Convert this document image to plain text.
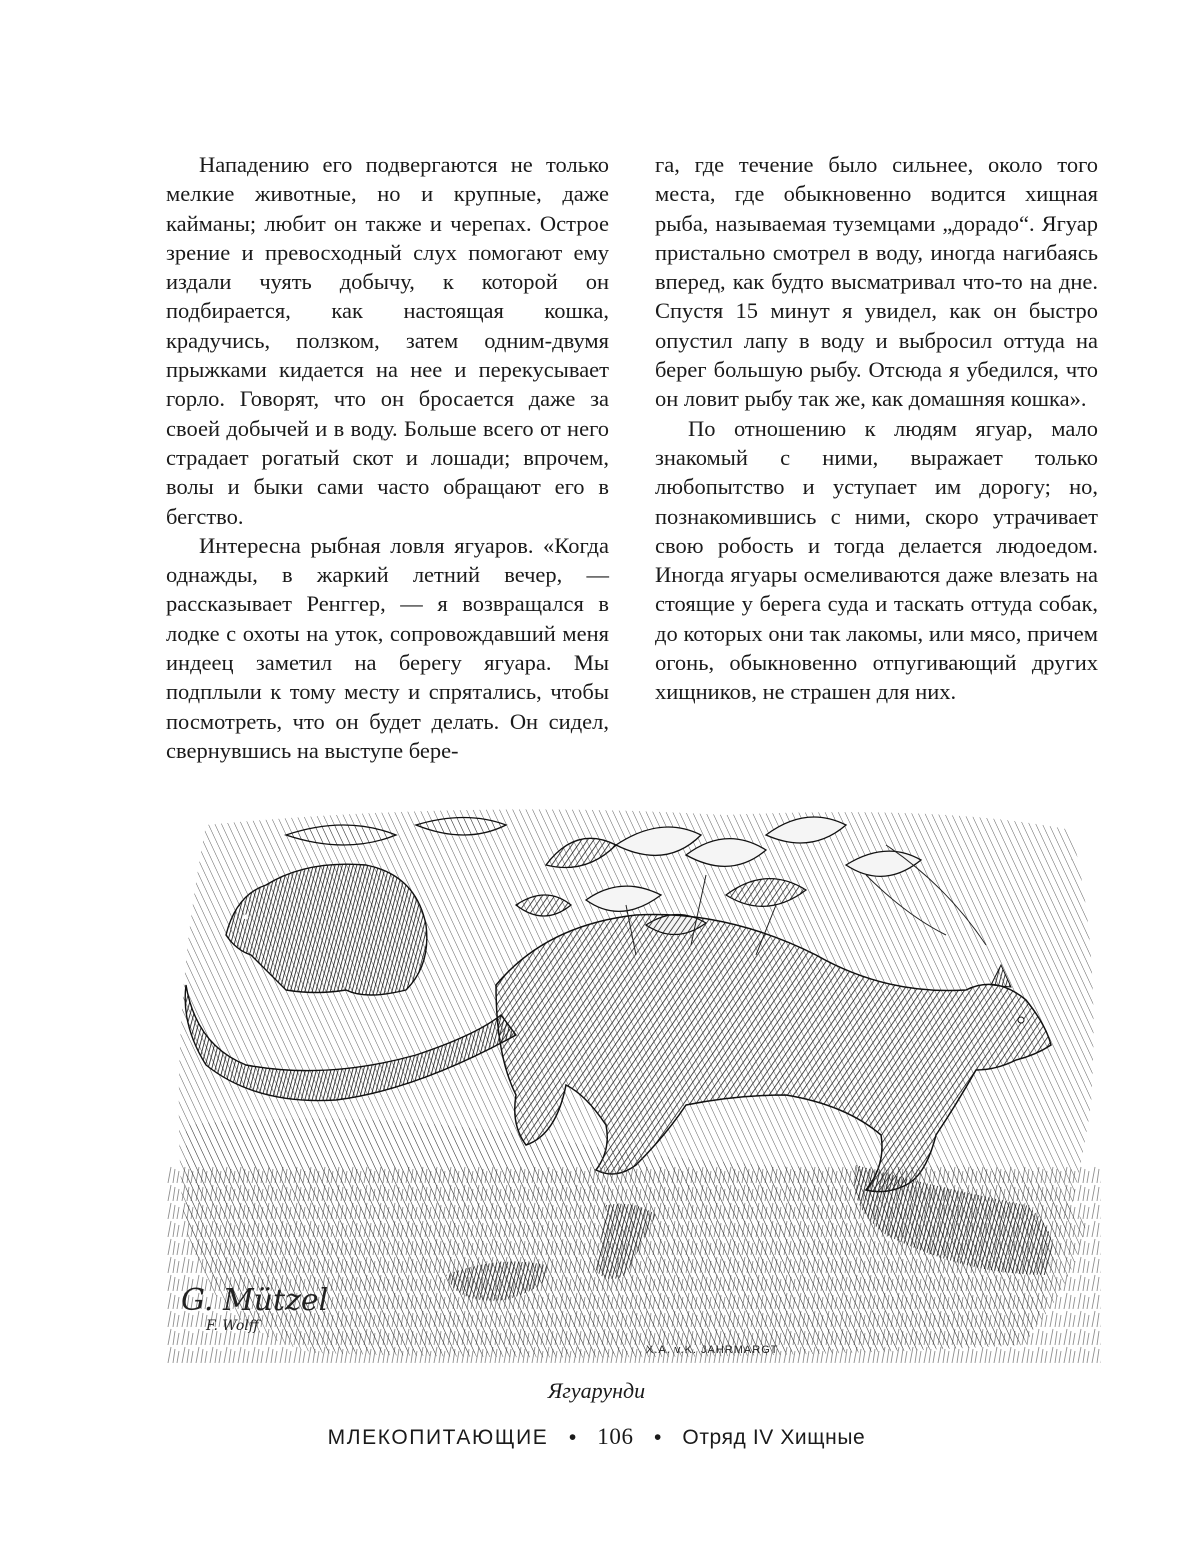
Нападению его подвергаются не только мелкие животные, но и крупные, даже кайманы; любит он также и черепах. Острое зрение и превосходный слух помогают ему издали чуять добычу, к которой он подбирается, как настоящая кошка, крадучись, ползком, затем одним-двумя прыжками кидается на нее и перекусывает горло. Говорят, что он бросается даже за своей добычей и в воду. Больше всего от него страдает рогатый скот и лошади; впрочем, волы и быки сами часто обращают его в бегство.

Интересна рыбная ловля ягуаров. «Когда однажды, в жаркий летний вечер, — рассказывает Ренггер, — я возвращался в лодке с охоты на уток, сопровождавший меня индеец заметил на берегу ягуара. Мы подплыли к тому месту и спрятались, чтобы посмотреть, что он будет делать. Он сидел, свернувшись на выступе бере-

га, где течение было сильнее, около того места, где обыкновенно водится хищная рыба, называемая туземцами „дорадо“. Ягуар пристально смотрел в воду, иногда нагибаясь вперед, как будто высматривал что-то на дне. Спустя 15 минут я увидел, как он быстро опустил лапу в воду и выбросил оттуда на берег большую рыбу. Отсюда я убедился, что он ловит рыбу так же, как домашняя кошка».

По отношению к людям ягуар, мало знакомый с ними, выражает только любопытство и уступает им дорогу; но, познакомившись с ними, скоро утрачивает свою робость и тогда делается людоедом. Иногда ягуары осмеливаются даже влезать на стоящие у берега суда и таскать оттуда собак, до которых они так лакомы, или мясо, причем огонь, обыкновенно отпугивающий других хищников, не страшен для них.

G. Mützel
F. Wolff
X.A. v.K. JAHRMARGT
Ягуарунди
МЛЕКОПИТАЮЩИЕ • 106 • Отряд IV Хищные
